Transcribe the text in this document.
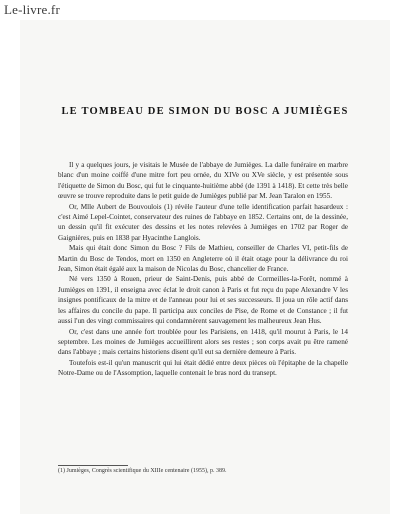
Le-livre.fr
LE TOMBEAU DE SIMON DU BOSC A JUMIÈGES

Il y a quelques jours, je visitais le Musée de l'abbaye de Jumièges. La dalle funéraire en marbre blanc d'un moine coiffé d'une mitre fort peu ornée, du XIVe ou XVe siècle, y est présentée sous l'étiquette de Simon du Bosc, qui fut le cinquante-huitième abbé (de 1391 à 1418). Et cette très belle œuvre se trouve reproduite dans le petit guide de Jumièges publié par M. Jean Taralon en 1955.

Or, Mlle Aubert de Bouvoulois (1) révèle l'auteur d'une telle identification parfait hasardeux : c'est Aimé Lepel-Cointet, conservateur des ruines de l'abbaye en 1852. Certains ont, de la dessinée, un dessin qu'il fit exécuter des dessins et les notes relevées à Jumièges en 1702 par Roger de Gaignières, puis en 1838 par Hyacinthe Langlois.

Mais qui était donc Simon du Bosc ? Fils de Mathieu, conseiller de Charles VI, petit-fils de Martin du Bosc de Tendos, mort en 1350 en Angleterre où il était otage pour la délivrance du roi Jean, Simon était égalé aux la maison de Nicolas du Bosc, chancelier de France.

Né vers 1350 à Rouen, prieur de Saint-Denis, puis abbé de Cormeilles-la-Forêt, nommé à Jumièges en 1391, il enseigna avec éclat le droit canon à Paris et fut reçu du pape Alexandre V les insignes pontificaux de la mitre et de l'anneau pour lui et ses successeurs. Il joua un rôle actif dans les affaires du concile du pape. Il participa aux conciles de Pise, de Rome et de Constance ; il fut aussi l'un des vingt commissaires qui condamnèrent sauvagement les malheureux Jean Hus.

Or, c'est dans une année fort troublée pour les Parisiens, en 1418, qu'il mourut à Paris, le 14 septembre. Les moines de Jumièges accueillirent alors ses restes ; son corps avait pu être ramené dans l'abbaye ; mais certains historiens disent qu'il eut sa dernière demeure à Paris.

Toutefois est-il qu'un manuscrit qui lui était dédié entre deux pièces où l'épitaphe de la chapelle Notre-Dame ou de l'Assomption, laquelle contenait le bras nord du transept.

(1) Jumièges, Congrès scientifique du XIIIe centenaire (1955), p. 389.
